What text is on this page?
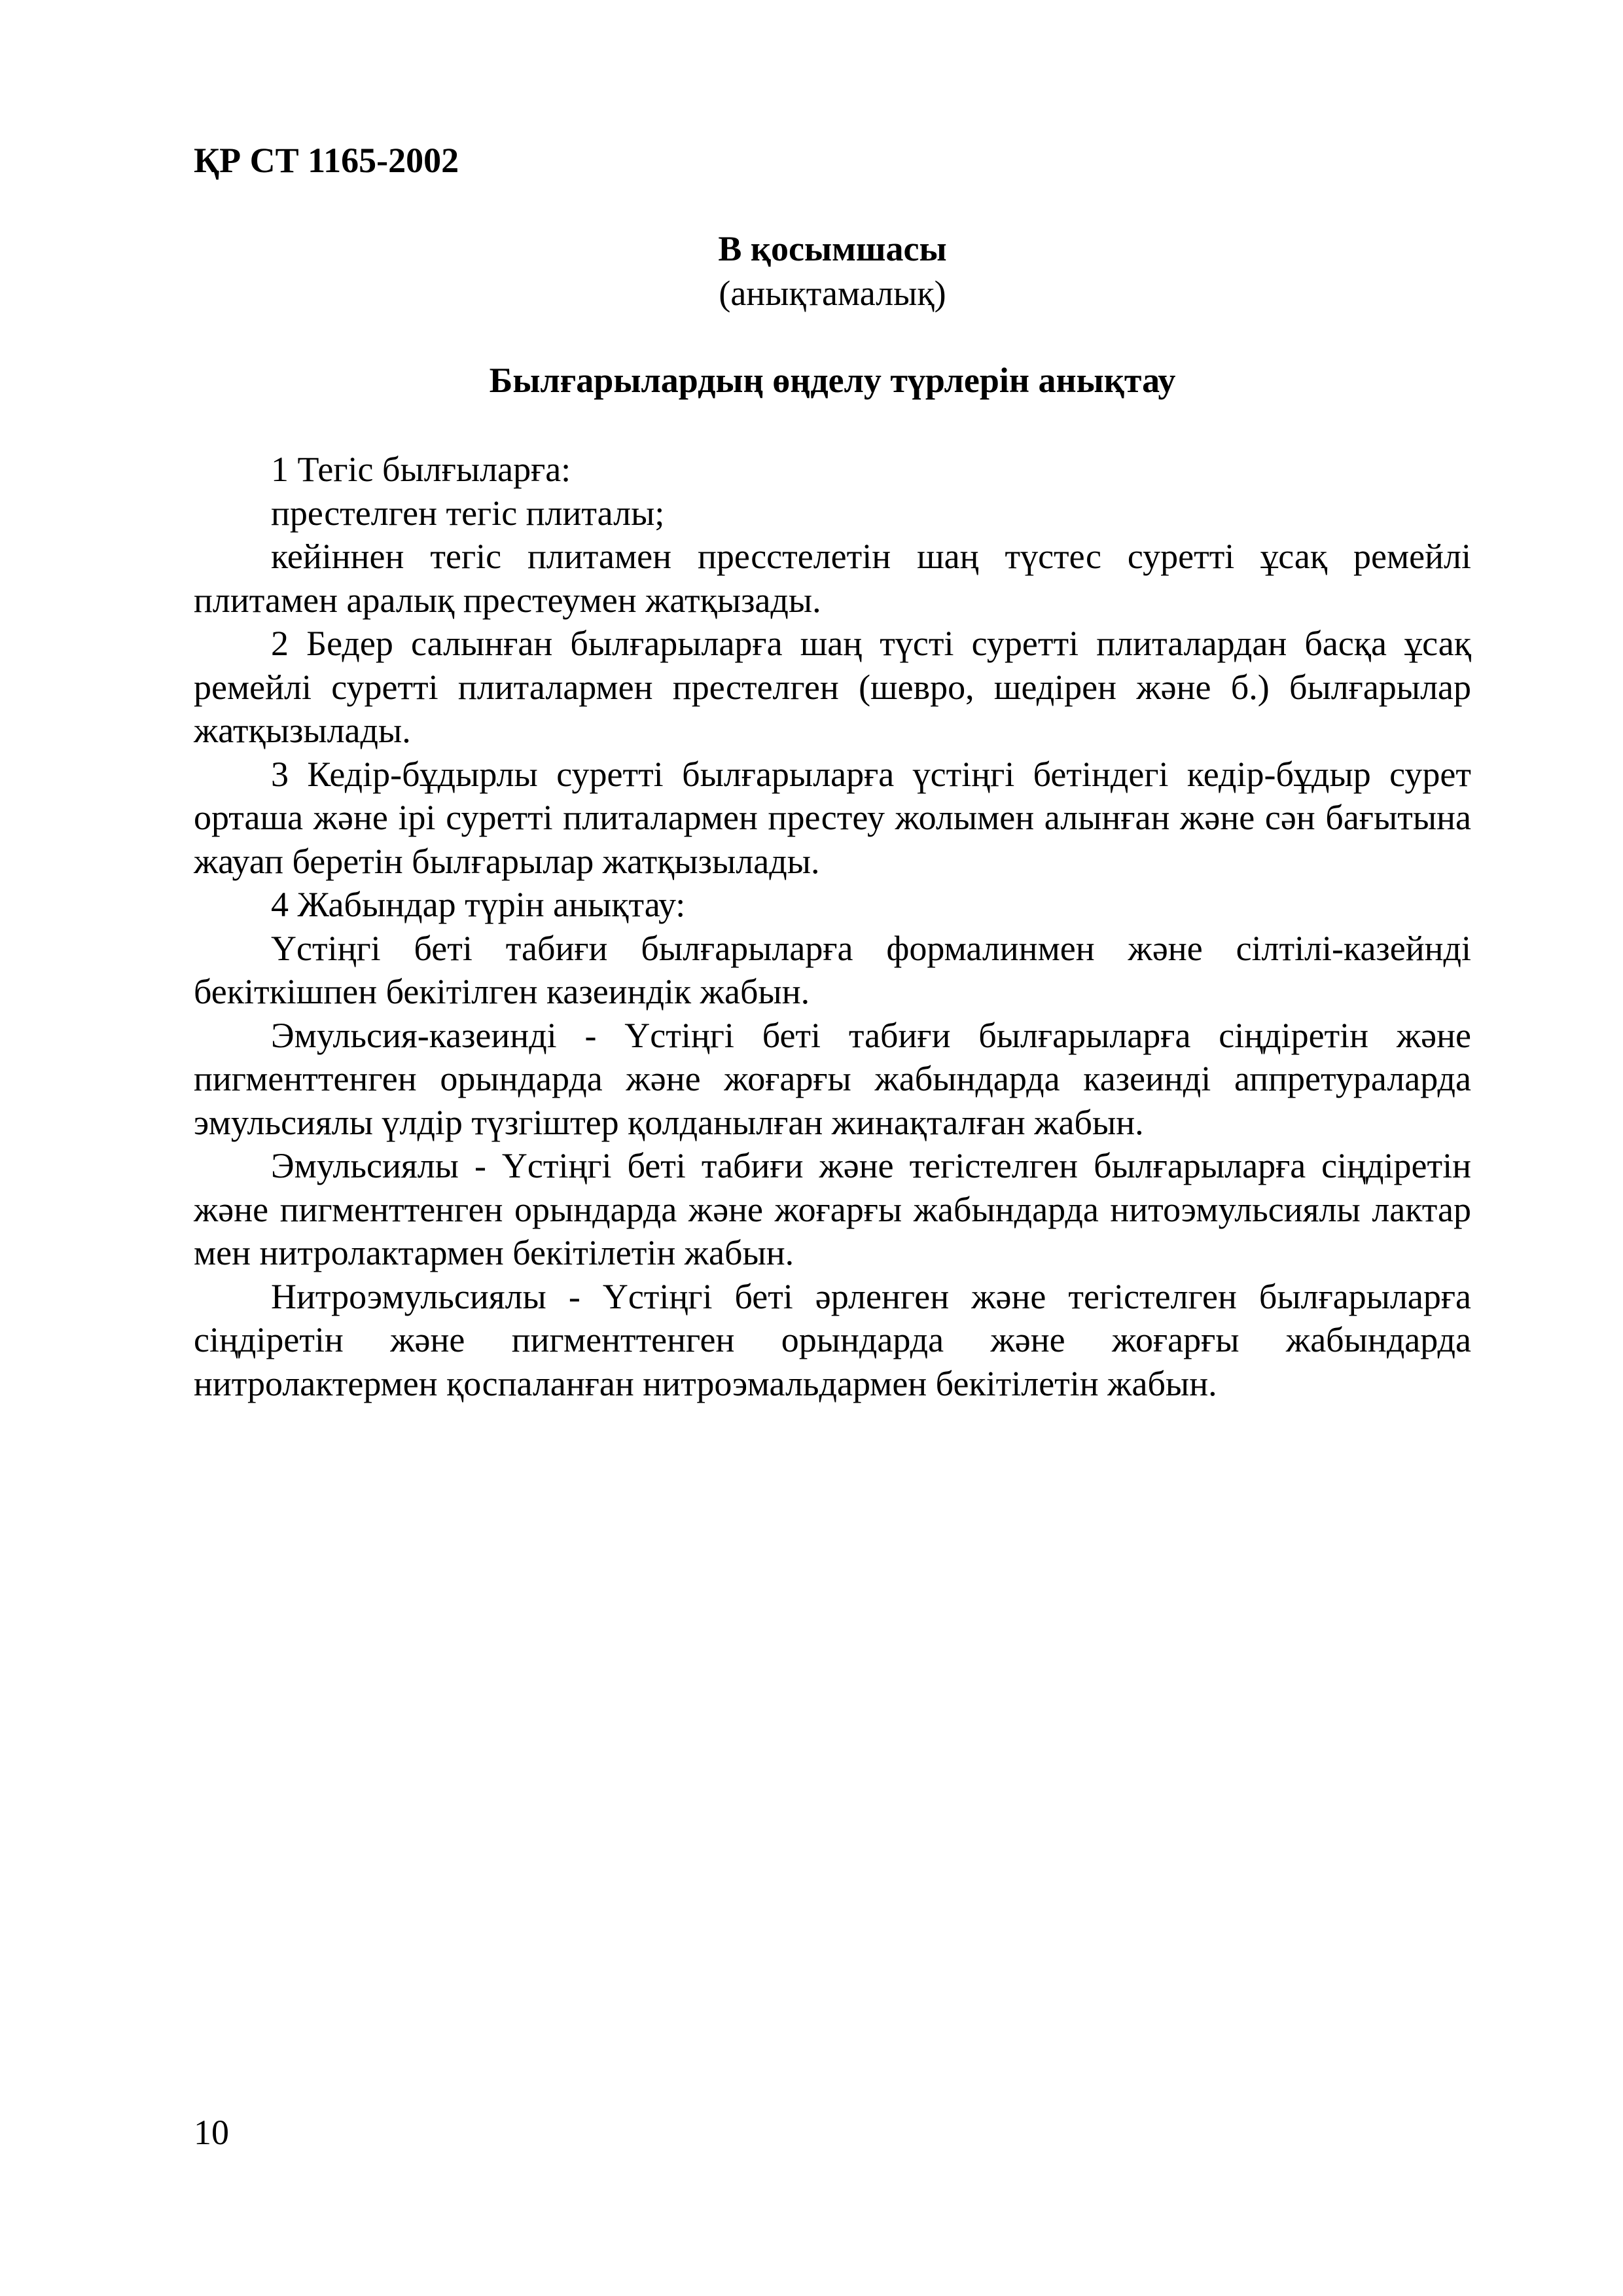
ҚР СТ 1165-2002
В қосымшасы
(анықтамалық)
Былғарылардың өңделу түрлерін анықтау

1 Тегіс былғыларға:

престелген тегіс плиталы;

кейіннен тегіс плитамен пресстелетін шаң түстес суретті ұсақ ремейлі плитамен аралық престеумен жатқызады.

2 Бедер салынған былғарыларға шаң түсті суретті плиталардан басқа ұсақ ремейлі суретті плиталармен престелген (шевро, шедірен және б.) былғарылар жатқызылады.

3 Кедір-бұдырлы суретті былғарыларға үстіңгі бетіндегі кедір-бұдыр сурет орташа және ірі суретті плиталармен престеу жолымен алынған және сән бағытына жауап беретін былғарылар жатқызылады.

4 Жабындар түрін анықтау:

Үстіңгі беті табиғи былғарыларға формалинмен және сілтілі-казейнді бекіткішпен бекітілген казеиндік жабын.

Эмульсия-казеинді - Үстіңгі беті табиғи былғарыларға сіңдіретін және пигменттенген орындарда және жоғарғы жабындарда казеинді аппретураларда эмульсиялы үлдір түзгіштер қолданылған жинақталған жабын.

Эмульсиялы - Үстіңгі беті табиғи және тегістелген былғарыларға сіңдіретін және пигменттенген орындарда және жоғарғы жабындарда нитоэмульсиялы лактар мен нитролактармен бекітілетін жабын.

Нитроэмульсиялы - Үстіңгі беті әрленген және тегістелген былғарыларға сіңдіретін және пигменттенген орындарда және жоғарғы жабындарда нитролактермен қоспаланған нитроэмальдармен бекітілетін жабын.

10
